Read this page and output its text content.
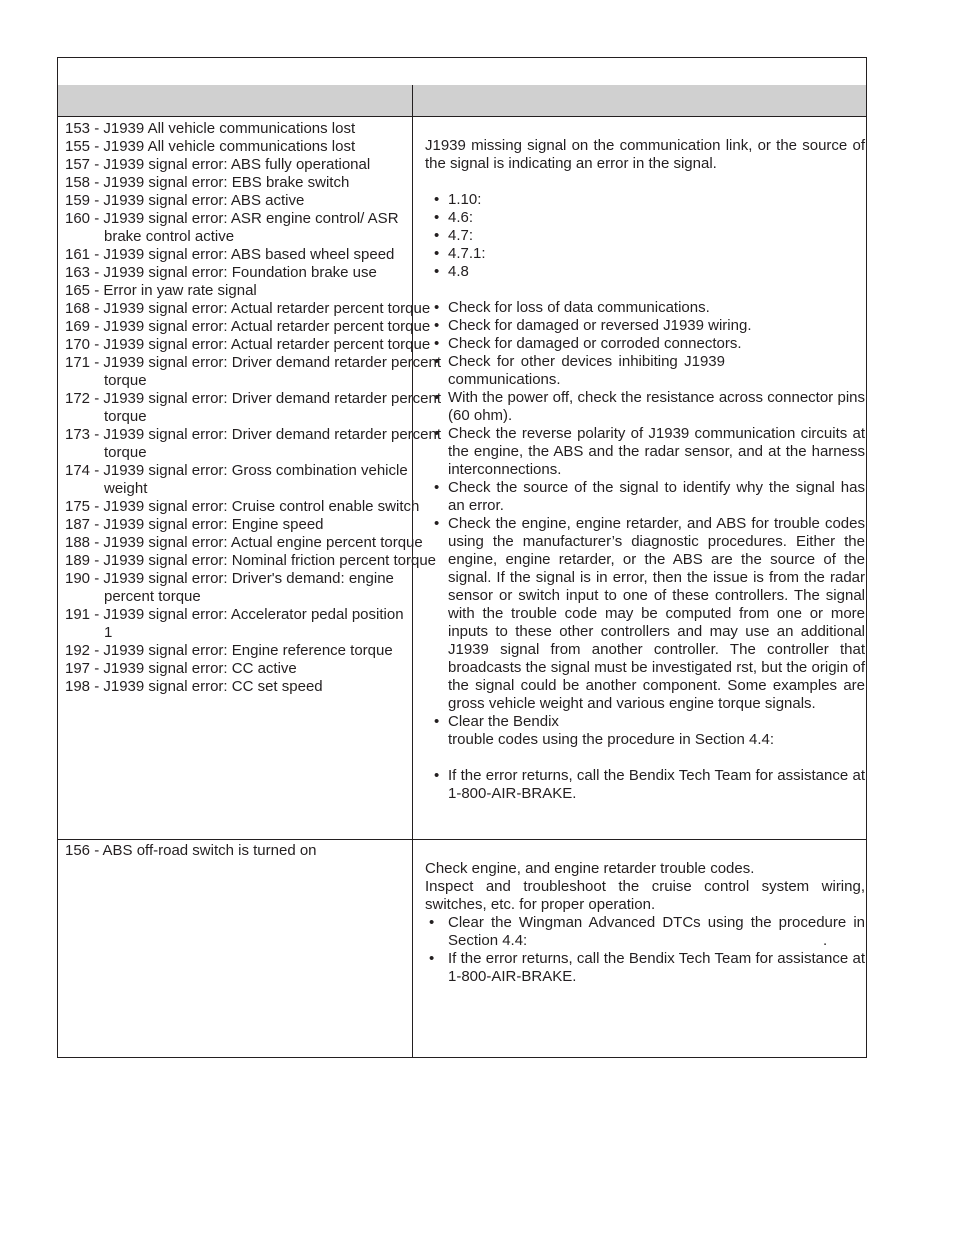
153 - J1939 All vehicle communications lost
155 - J1939 All vehicle communications lost
157 - J1939 signal error: ABS fully operational
158 - J1939 signal error: EBS brake switch
159 - J1939 signal error: ABS active
160 - J1939 signal error: ASR engine control/ ASR brake control active
161 - J1939 signal error: ABS based wheel speed
163 - J1939 signal error: Foundation brake use
165 - Error in yaw rate signal
168 - J1939 signal error: Actual retarder percent torque
169 - J1939 signal error: Actual retarder percent torque
170 - J1939 signal error: Actual retarder percent torque
171 - J1939 signal error: Driver demand retarder percent torque
172 - J1939 signal error: Driver demand retarder percent torque
173 - J1939 signal error: Driver demand retarder percent torque
174 - J1939 signal error: Gross combination vehicle weight
175 - J1939 signal error: Cruise control enable switch
187 - J1939 signal error: Engine speed
188 - J1939 signal error: Actual engine percent torque
189 - J1939 signal error: Nominal friction percent torque
190 - J1939 signal error: Driver's demand: engine percent torque
191 - J1939 signal error: Accelerator pedal position 1
192 - J1939 signal error: Engine reference torque
197 - J1939 signal error: CC active
198 - J1939 signal error: CC set speed

J1939 missing signal on the communication link, or the source of the signal is indicating an error in the signal.

• 1.10:
• 4.6:
• 4.7:
• 4.7.1:
• 4.8
• Check for loss of data communications.
• Check for damaged or reversed J1939 wiring.
• Check for damaged or corroded connectors.
• Check for other devices inhibiting J1939 communications.
• With the power off, check the resistance across connector pins (60 ohm).
• Check the reverse polarity of J1939 communication circuits at the engine, the ABS and the radar sensor, and at the harness interconnections.
• Check the source of the signal to identify why the signal has an error.
• Check the engine, engine retarder, and ABS for trouble codes using the manufacturer’s diagnostic procedures. Either the engine, engine retarder, or the ABS are the source of the signal. If the signal is in error, then the issue is from the radar sensor or switch input to one of these controllers. The signal with the trouble code may be computed from one or more inputs to these other controllers and may use an additional J1939 signal from another controller. The controller that broadcasts the signal must be investigated rst, but the origin of the signal could be another component. Some examples are gross vehicle weight and various engine torque signals.
• Clear the Bendix
trouble codes using the procedure in Section 4.4:
• If the error returns, call the Bendix Tech Team for assistance at 1-800-AIR-BRAKE.
156 - ABS off-road switch is turned on

Check engine, and engine retarder trouble codes.

Inspect and troubleshoot the cruise control system wiring, switches, etc. for proper operation.

• Clear the Wingman Advanced DTCs using the procedure in Section 4.4:	.
• If the error returns, call the Bendix Tech Team for assistance at 1-800-AIR-BRAKE.
